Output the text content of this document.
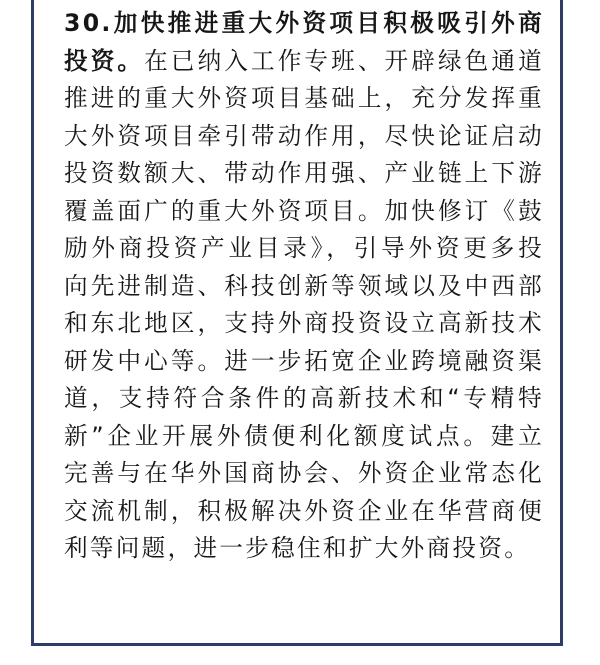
30.加快推进重大外资项目积极吸引外商投资。在已纳入工作专班、开辟绿色通道推进的重大外资项目基础上，充分发挥重大外资项目牵引带动作用，尽快论证启动投资数额大、带动作用强、产业链上下游覆盖面广的重大外资项目。加快修订《鼓励外商投资产业目录》，引导外资更多投向先进制造、科技创新等领域以及中西部和东北地区，支持外商投资设立高新技术研发中心等。进一步拓宽企业跨境融资渠道，支持符合条件的高新技术和“专精特新”企业开展外债便利化额度试点。建立完善与在华外国商协会、外资企业常态化交流机制，积极解决外资企业在华营商便利等问题，进一步稳住和扩大外商投资。
